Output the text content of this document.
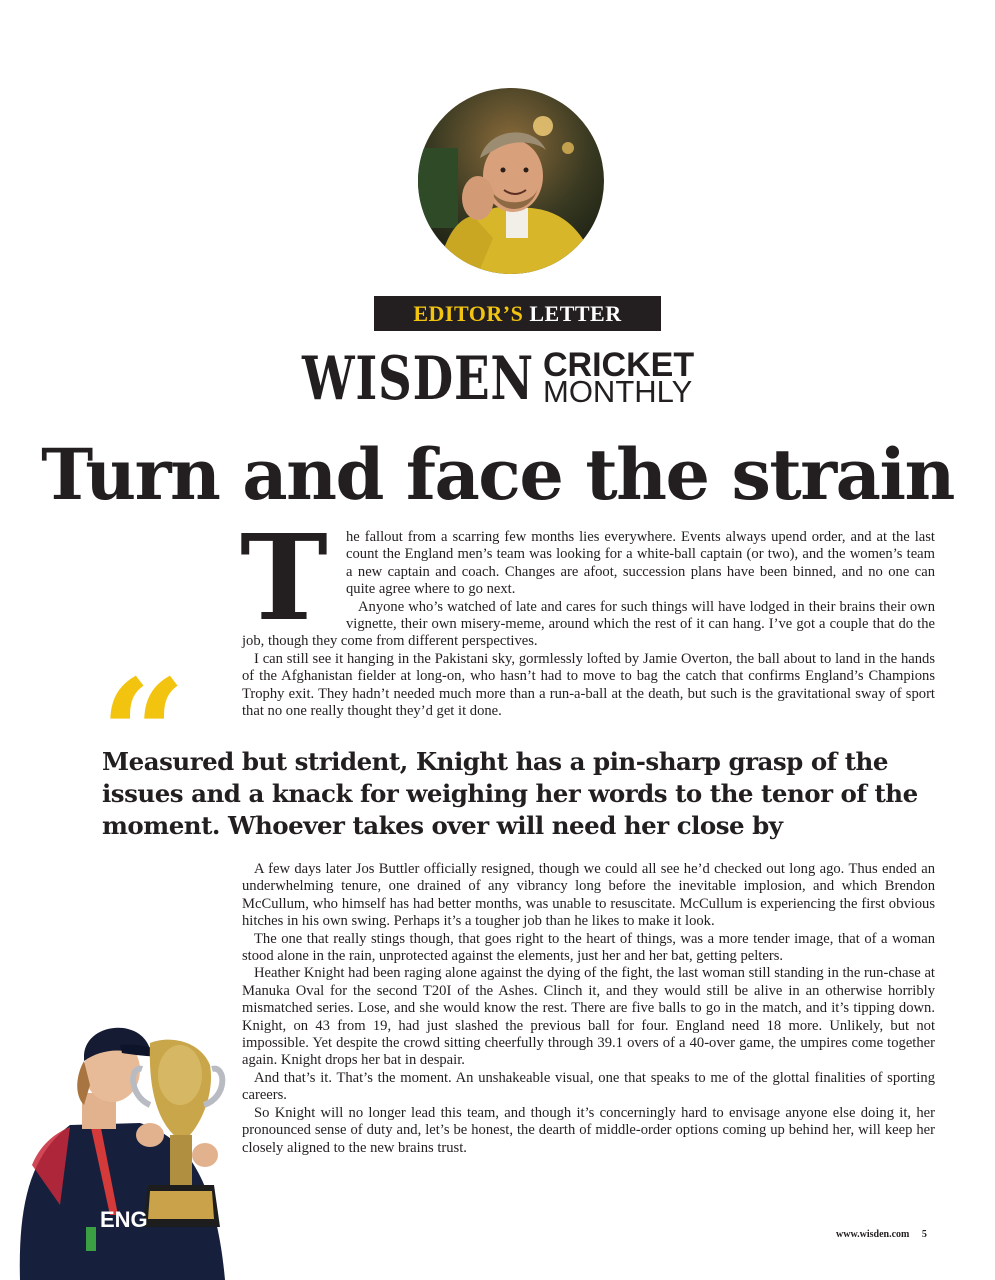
EDITOR’S LETTER
WISDEN CRICKET
MONTHLY
Turn and face the strain
T	he fallout from a scarring few months lies everywhere. Events always upend order, and at the last count the England men’s team was looking for a white-ball captain (or two), and the women’s team a new captain and coach. Changes are afoot, succession plans have been binned, and no one can quite agree where to go next.

Anyone who’s watched of late and cares for such things will have lodged in their brains their own vignette, their own misery-meme, around which the rest of it can hang. I’ve got a couple that do the job, though they come from different perspectives.

I can still see it hanging in the Pakistani sky, gormlessly lofted by Jamie Overton, the ball about to land in the hands of the Afghanistan fielder at long-on, who hasn’t had to move to bag the catch that confirms England’s Champions Trophy exit. They hadn’t needed much more than a run-a-ball at the death, but such is the gravitational sway of sport that no one really thought they’d get it done.

“
Measured but strident, Knight has a pin-sharp grasp of the issues and a knack for weighing her words to the tenor of the moment. Whoever takes over will need her close by

A few days later Jos Buttler officially resigned, though we could all see he’d checked out long ago. Thus ended an underwhelming tenure, one drained of any vibrancy long before the inevitable implosion, and which Brendon McCullum, who himself has had better months, was unable to resuscitate. McCullum is experiencing the first obvious hitches in his own swing. Perhaps it’s a tougher job than he likes to make it look.

The one that really stings though, that goes right to the heart of things, was a more tender image, that of a woman stood alone in the rain, unprotected against the elements, just her and her bat, getting pelters.

Heather Knight had been raging alone against the dying of the fight, the last woman still standing in the run-chase at Manuka Oval for the second T20I of the Ashes. Clinch it, and they would still be alive in an otherwise horribly mismatched series. Lose, and she would know the rest. There are five balls to go in the match, and it’s tipping down. Knight, on 43 from 19, had just slashed the previous ball for four. England need 18 more. Unlikely, but not impossible. Yet despite the crowd sitting cheerfully through 39.1 overs of a 40-over game, the umpires come together again. Knight drops her bat in despair.

And that’s it. That’s the moment. An unshakeable visual, one that speaks to me of the glottal finalities of sporting careers.

So Knight will no longer lead this team, and though it’s concerningly hard to envisage anyone else doing it, her pronounced sense of duty and, let’s be honest, the dearth of middle-order options coming up behind her, will keep her closely aligned to the new brains trust.

ENG
www.wisden.com 5
